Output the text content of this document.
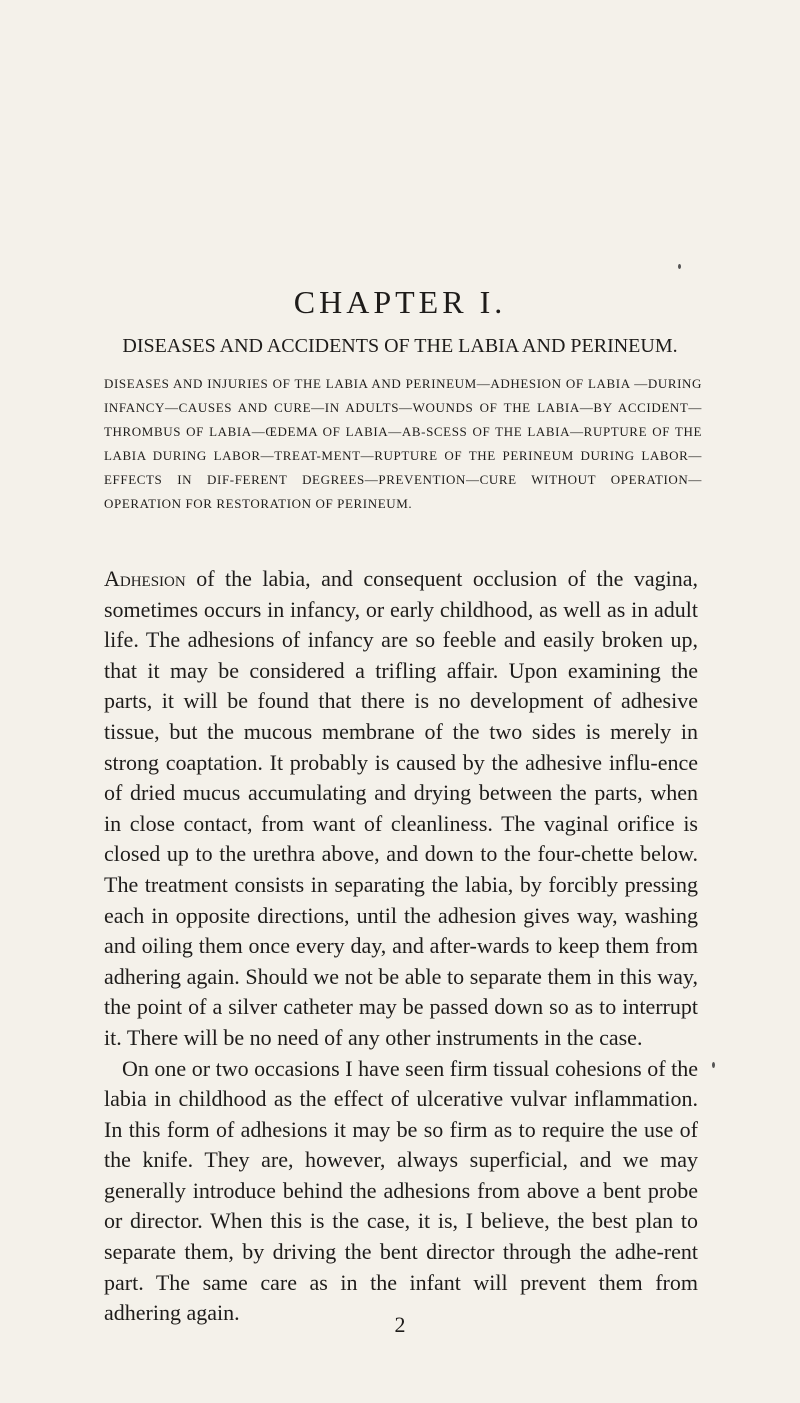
CHAPTER I.
DISEASES AND ACCIDENTS OF THE LABIA AND PERINEUM.

DISEASES AND INJURIES OF THE LABIA AND PERINEUM—ADHESION OF LABIA —DURING INFANCY—CAUSES AND CURE—IN ADULTS—WOUNDS OF THE LABIA—BY ACCIDENT—THROMBUS OF LABIA—ŒDEMA OF LABIA—AB-SCESS OF THE LABIA—RUPTURE OF THE LABIA DURING LABOR—TREAT-MENT—RUPTURE OF THE PERINEUM DURING LABOR—EFFECTS IN DIF-FERENT DEGREES—PREVENTION—CURE WITHOUT OPERATION—OPERATION FOR RESTORATION OF PERINEUM.

Adhesion of the labia, and consequent occlusion of the vagina, sometimes occurs in infancy, or early childhood, as well as in adult life. The adhesions of infancy are so feeble and easily broken up, that it may be considered a trifling affair. Upon examining the parts, it will be found that there is no development of adhesive tissue, but the mucous membrane of the two sides is merely in strong coaptation. It probably is caused by the adhesive influ-ence of dried mucus accumulating and drying between the parts, when in close contact, from want of cleanliness. The vaginal orifice is closed up to the urethra above, and down to the four-chette below. The treatment consists in separating the labia, by forcibly pressing each in opposite directions, until the adhesion gives way, washing and oiling them once every day, and after-wards to keep them from adhering again. Should we not be able to separate them in this way, the point of a silver catheter may be passed down so as to interrupt it. There will be no need of any other instruments in the case.

On one or two occasions I have seen firm tissual cohesions of the labia in childhood as the effect of ulcerative vulvar inflammation. In this form of adhesions it may be so firm as to require the use of the knife. They are, however, always superficial, and we may generally introduce behind the adhesions from above a bent probe or director. When this is the case, it is, I believe, the best plan to separate them, by driving the bent director through the adhe-rent part. The same care as in the infant will prevent them from adhering again.	2
